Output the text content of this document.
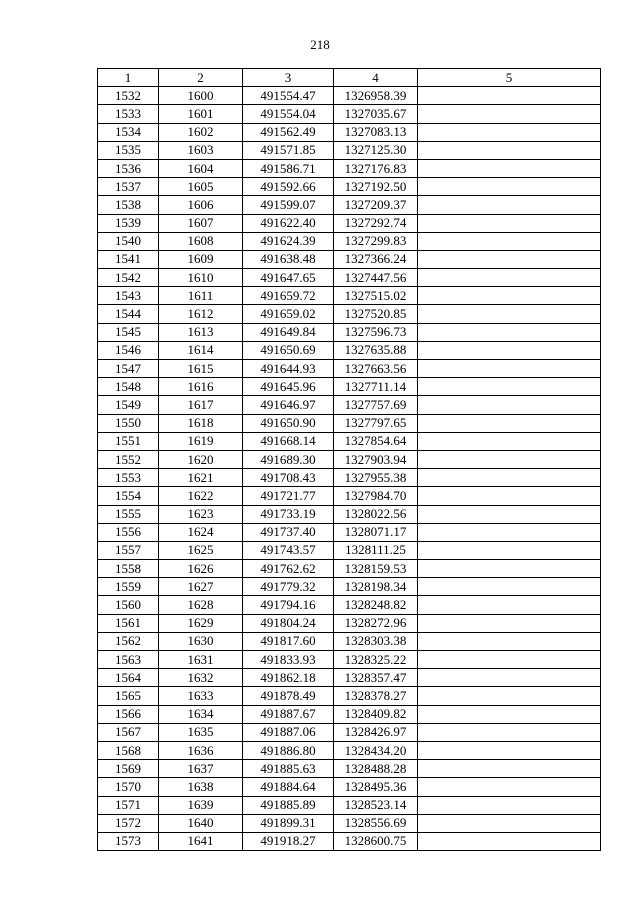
218
1	2	3	4	5
1532	1600	491554.47	1326958.39	
1533	1601	491554.04	1327035.67	
1534	1602	491562.49	1327083.13	
1535	1603	491571.85	1327125.30	
1536	1604	491586.71	1327176.83	
1537	1605	491592.66	1327192.50	
1538	1606	491599.07	1327209.37	
1539	1607	491622.40	1327292.74	
1540	1608	491624.39	1327299.83	
1541	1609	491638.48	1327366.24	
1542	1610	491647.65	1327447.56	
1543	1611	491659.72	1327515.02	
1544	1612	491659.02	1327520.85	
1545	1613	491649.84	1327596.73	
1546	1614	491650.69	1327635.88	
1547	1615	491644.93	1327663.56	
1548	1616	491645.96	1327711.14	
1549	1617	491646.97	1327757.69	
1550	1618	491650.90	1327797.65	
1551	1619	491668.14	1327854.64	
1552	1620	491689.30	1327903.94	
1553	1621	491708.43	1327955.38	
1554	1622	491721.77	1327984.70	
1555	1623	491733.19	1328022.56	
1556	1624	491737.40	1328071.17	
1557	1625	491743.57	1328111.25	
1558	1626	491762.62	1328159.53	
1559	1627	491779.32	1328198.34	
1560	1628	491794.16	1328248.82	
1561	1629	491804.24	1328272.96	
1562	1630	491817.60	1328303.38	
1563	1631	491833.93	1328325.22	
1564	1632	491862.18	1328357.47	
1565	1633	491878.49	1328378.27	
1566	1634	491887.67	1328409.82	
1567	1635	491887.06	1328426.97	
1568	1636	491886.80	1328434.20	
1569	1637	491885.63	1328488.28	
1570	1638	491884.64	1328495.36	
1571	1639	491885.89	1328523.14	
1572	1640	491899.31	1328556.69	
1573	1641	491918.27	1328600.75	
